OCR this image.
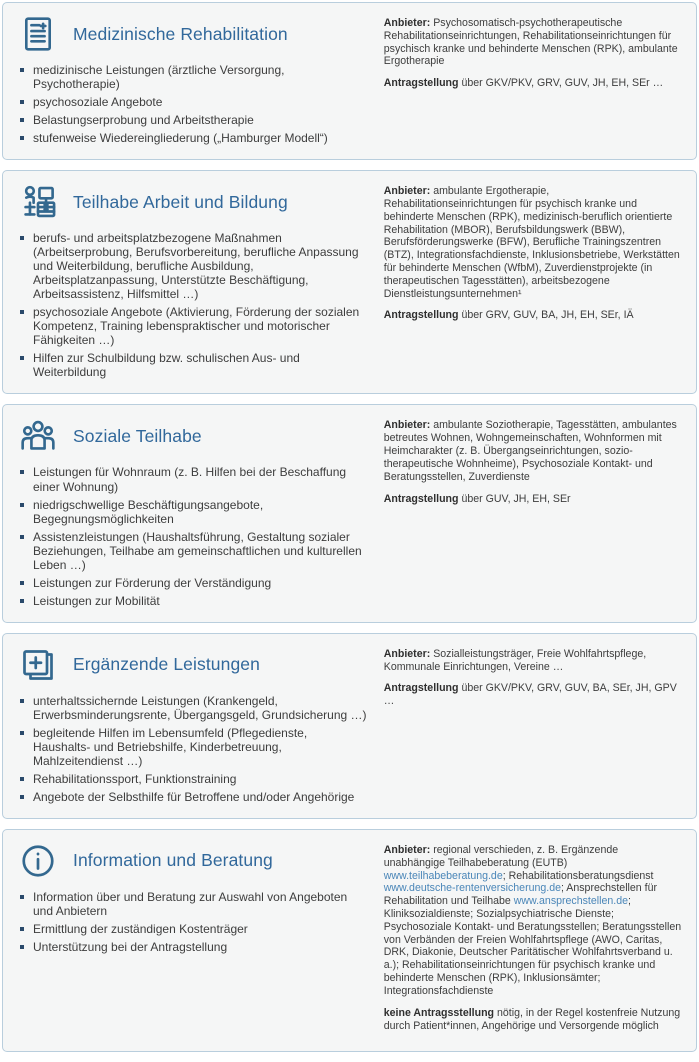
Medizinische Rehabilitation
medizinische Leistungen (ärztliche Versorgung, Psychotherapie)
psychosoziale Angebote
Belastungserprobung und Arbeitstherapie
stufenweise Wiedereingliederung („Hamburger Modell“)

Anbieter: Psychosomatisch-psychotherapeutische Rehabilitationseinrichtungen, Rehabilitationseinrichtungen für psychisch kranke und behinderte Menschen (RPK), ambulante Ergotherapie

Antragstellung über GKV/PKV, GRV, GUV, JH, EH, SEr …

Teilhabe Arbeit und Bildung
berufs- und arbeitsplatzbezogene Maßnahmen (Arbeitserprobung, Berufsvorbereitung, berufliche Anpassung und Weiterbildung, berufliche Ausbildung, Arbeitsplatzanpassung, Unterstützte Beschäftigung, Arbeitsassistenz, Hilfsmittel …)
psychosoziale Angebote (Aktivierung, Förderung der sozialen Kompetenz, Training lebenspraktischer und motorischer Fähigkeiten …)
Hilfen zur Schulbildung bzw. schulischen Aus- und Weiterbildung

Anbieter: ambulante Ergotherapie, Rehabilitationseinrichtungen für psychisch kranke und behinderte Menschen (RPK), medizinisch-beruflich orientierte Rehabilitation (MBOR), Berufsbildungswerk (BBW), Berufsförderungswerke (BFW), Berufliche Trainingszentren (BTZ), Integrationsfachdienste, Inklusionsbetriebe, Werkstätten für behinderte Menschen (WfbM), Zuverdienstprojekte (in therapeutischen Tagesstätten), arbeitsbezogene Dienstleistungsunternehmen¹

Antragstellung über GRV, GUV, BA, JH, EH, SEr, IÄ

Soziale Teilhabe
Leistungen für Wohnraum (z. B. Hilfen bei der Beschaffung einer Wohnung)
niedrigschwellige Beschäftigungsangebote, Begegnungsmöglichkeiten
Assistenzleistungen (Haushaltsführung, Gestaltung sozialer Beziehungen, Teilhabe am gemeinschaftlichen und kulturellen Leben …)
Leistungen zur Förderung der Verständigung
Leistungen zur Mobilität

Anbieter: ambulante Soziotherapie, Tagesstätten, ambulantes betreutes Wohnen, Wohngemeinschaften, Wohnformen mit Heimcharakter (z. B. Übergangseinrichtungen, sozio-therapeutische Wohnheime), Psychosoziale Kontakt- und Beratungsstellen, Zuverdienste

Antragstellung über GUV, JH, EH, SEr

Ergänzende Leistungen
unterhaltssichernde Leistungen (Krankengeld, Erwerbsminderungsrente, Übergangsgeld, Grundsicherung …)
begleitende Hilfen im Lebensumfeld (Pflegedienste, Haushalts- und Betriebshilfe, Kinderbetreuung, Mahlzeitendienst …)
Rehabilitationssport, Funktionstraining
Angebote der Selbsthilfe für Betroffene und/oder Angehörige

Anbieter: Sozialleistungsträger, Freie Wohlfahrtspflege, Kommunale Einrichtungen, Vereine …

Antragstellung über GKV/PKV, GRV, GUV, BA, SEr, JH, GPV …

Information und Beratung
Information über und Beratung zur Auswahl von Angeboten und Anbietern
Ermittlung der zuständigen Kostenträger
Unterstützung bei der Antragstellung

Anbieter: regional verschieden, z. B. Ergänzende unabhängige Teilhabeberatung (EUTB) www.teilhabeberatung.de; Rehabilitationsberatungsdienst www.deutsche-rentenversicherung.de; Ansprechstellen für Rehabilitation und Teilhabe www.ansprechstellen.de; Kliniksozialdienste; Sozialpsychiatrische Dienste; Psychosoziale Kontakt- und Beratungsstellen; Beratungsstellen von Verbänden der Freien Wohlfahrtspflege (AWO, Caritas, DRK, Diakonie, Deutscher Paritätischer Wohlfahrtsverband u. a.); Rehabilitationseinrichtungen für psychisch kranke und behinderte Menschen (RPK), Inklusionsämter; Integrationsfachdienste

keine Antragsstellung nötig, in der Regel kostenfreie Nutzung durch Patient*innen, Angehörige und Versorgende möglich
